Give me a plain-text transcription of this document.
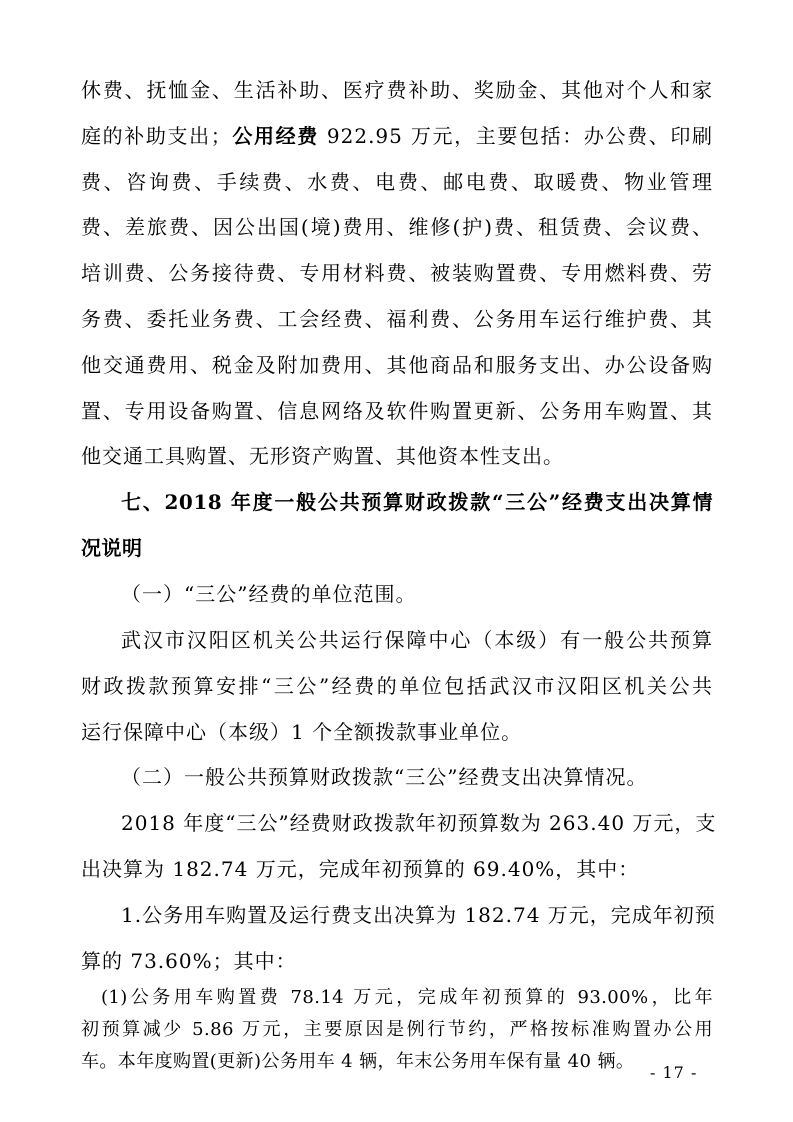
休费、抚恤金、生活补助、医疗费补助、奖励金、其他对个人和家
庭的补助支出；公用经费 922.95 万元，主要包括：办公费、印刷
费、咨询费、手续费、水费、电费、邮电费、取暖费、物业管理
费、差旅费、因公出国(境)费用、维修(护)费、租赁费、会议费、
培训费、公务接待费、专用材料费、被装购置费、专用燃料费、劳
务费、委托业务费、工会经费、福利费、公务用车运行维护费、其
他交通费用、税金及附加费用、其他商品和服务支出、办公设备购
置、专用设备购置、信息网络及软件购置更新、公务用车购置、其
他交通工具购置、无形资产购置、其他资本性支出。
七、2018 年度一般公共预算财政拨款“三公”经费支出决算情
况说明
（一）“三公”经费的单位范围。
武汉市汉阳区机关公共运行保障中心（本级）有一般公共预算
财政拨款预算安排“三公”经费的单位包括武汉市汉阳区机关公共
运行保障中心（本级）1 个全额拨款事业单位。
（二）一般公共预算财政拨款“三公”经费支出决算情况。
2018 年度“三公”经费财政拨款年初预算数为 263.40 万元，支
出决算为 182.74 万元，完成年初预算的 69.40%，其中：
1.公务用车购置及运行费支出决算为 182.74 万元，完成年初预
算的 73.60%；其中：
(1)公务用车购置费 78.14 万元，完成年初预算的 93.00%，比年
初预算减少 5.86 万元，主要原因是例行节约，严格按标准购置办公用
车。本年度购置(更新)公务用车 4 辆，年末公务用车保有量 40 辆。
- 17 -
